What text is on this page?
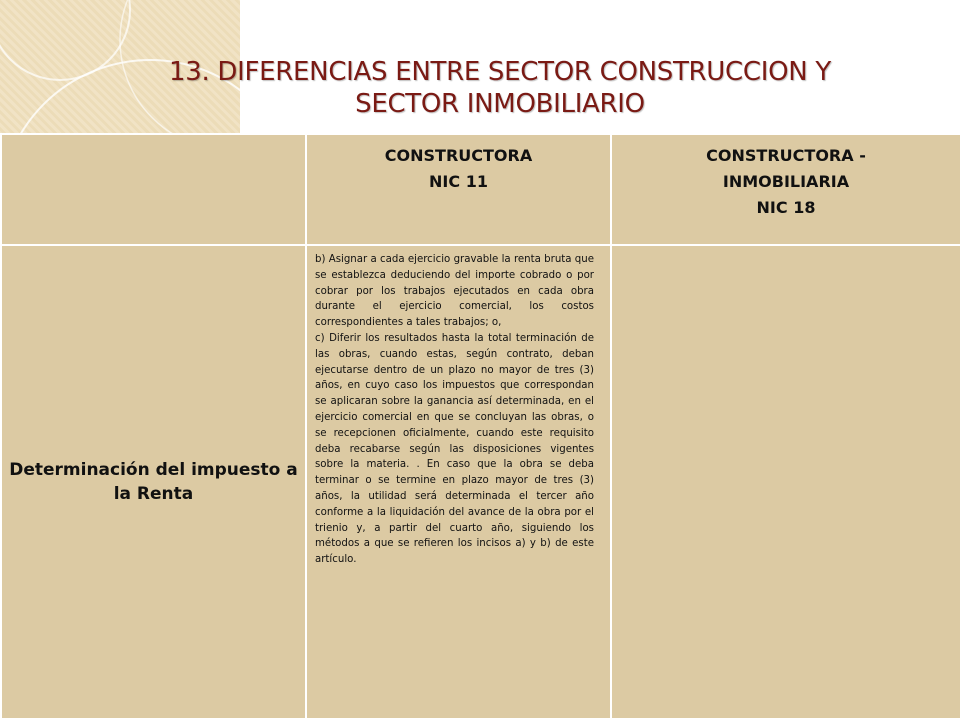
13. DIFERENCIAS ENTRE SECTOR CONSTRUCCION Y
SECTOR INMOBILIARIO

	CONSTRUCTORA
NIC 11	CONSTRUCTORA -
INMOBILIARIA
NIC 18

Determinación del impuesto a la Renta	b) Asignar a cada ejercicio gravable la renta bruta que se establezca deduciendo del importe cobrado o por cobrar por los trabajos ejecutados en cada obra durante el ejercicio comercial, los costos correspondientes a tales trabajos; o,

c) Diferir los resultados hasta la total terminación de las obras, cuando estas, según contrato, deban ejecutarse dentro de un plazo no mayor de tres (3) años, en cuyo caso los impuestos que correspondan se aplicaran sobre la ganancia así determinada, en el ejercicio comercial en que se concluyan las obras, o se recepcionen oficialmente, cuando este requisito deba recabarse según las disposiciones vigentes sobre la materia. . En caso que la obra se deba terminar o se termine en plazo mayor de tres (3) años, la utilidad será determinada el tercer año conforme a la liquidación del avance de la obra por el trienio y, a partir del cuarto año, siguiendo los métodos a que se refieren los incisos a) y b) de este artículo.	
